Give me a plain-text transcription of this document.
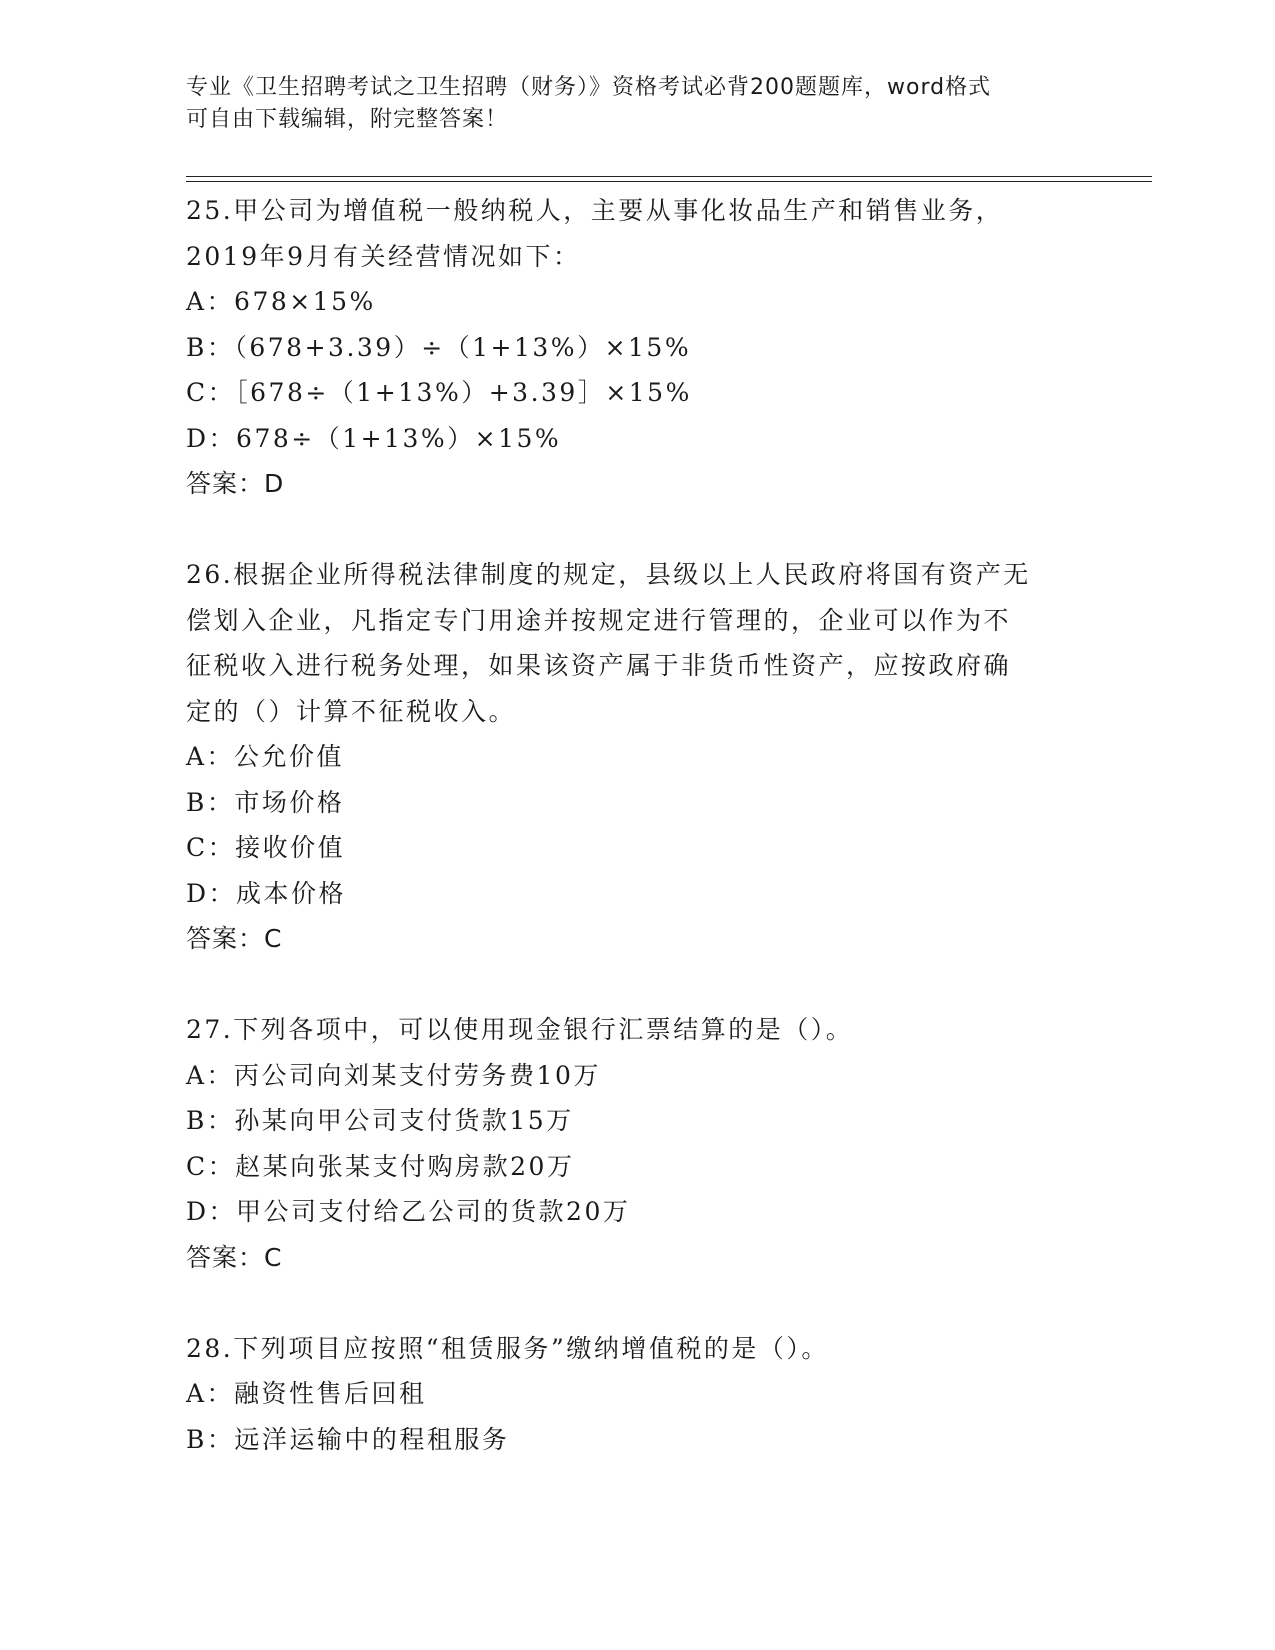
专业《卫生招聘考试之卫生招聘（财务）》资格考试必背200题题库，word格式
可自由下载编辑，附完整答案！
25.甲公司为增值税一般纳税人，主要从事化妆品生产和销售业务，
2019年9月有关经营情况如下：
A：678×15%
B：（678+3.39）÷（1+13%）×15%
C：［678÷（1+13%）+3.39］×15%
D：678÷（1+13%）×15%
答案：D
26.根据企业所得税法律制度的规定，县级以上人民政府将国有资产无
偿划入企业，凡指定专门用途并按规定进行管理的，企业可以作为不
征税收入进行税务处理，如果该资产属于非货币性资产，应按政府确
定的（）计算不征税收入。
A：公允价值
B：市场价格
C：接收价值
D：成本价格
答案：C
27.下列各项中，可以使用现金银行汇票结算的是（）。
A：丙公司向刘某支付劳务费10万
B：孙某向甲公司支付货款15万
C：赵某向张某支付购房款20万
D：甲公司支付给乙公司的货款20万
答案：C
28.下列项目应按照“租赁服务”缴纳增值税的是（）。
A：融资性售后回租
B：远洋运输中的程租服务
